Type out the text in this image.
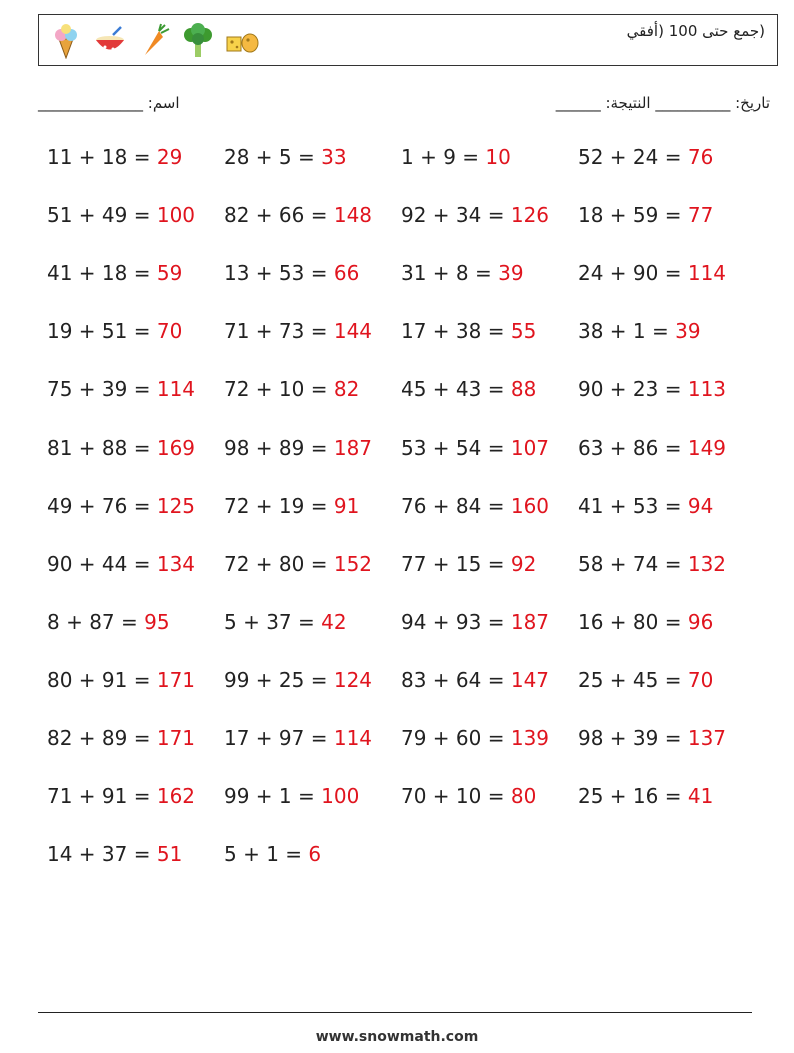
(جمع حتى 100 (أفقي
اسم: ______________	______ :تاريخ: __________ النتيجة
11 + 18 = 29 28 + 5 = 33	1 + 9 = 10	52 + 24 = 76
51 + 49 = 100 82 + 66 = 148 92 + 34 = 126 18 + 59 = 77
41 + 18 = 59 13 + 53 = 66 31 + 8 = 39	24 + 90 = 114
19 + 51 = 70 71 + 73 = 144 17 + 38 = 55 38 + 1 = 39
75 + 39 = 114 72 + 10 = 82 45 + 43 = 88 90 + 23 = 113
81 + 88 = 169 98 + 89 = 187 53 + 54 = 107 63 + 86 = 149
49 + 76 = 125 72 + 19 = 91 76 + 84 = 160 41 + 53 = 94
90 + 44 = 134 72 + 80 = 152 77 + 15 = 92 58 + 74 = 132
8 + 87 = 95	5 + 37 = 42	94 + 93 = 187 16 + 80 = 96
80 + 91 = 171 99 + 25 = 124 83 + 64 = 147 25 + 45 = 70
82 + 89 = 171 17 + 97 = 114 79 + 60 = 139 98 + 39 = 137
71 + 91 = 162 99 + 1 = 100 70 + 10 = 80 25 + 16 = 41
14 + 37 = 51 5 + 1 = 6
www.snowmath.com
